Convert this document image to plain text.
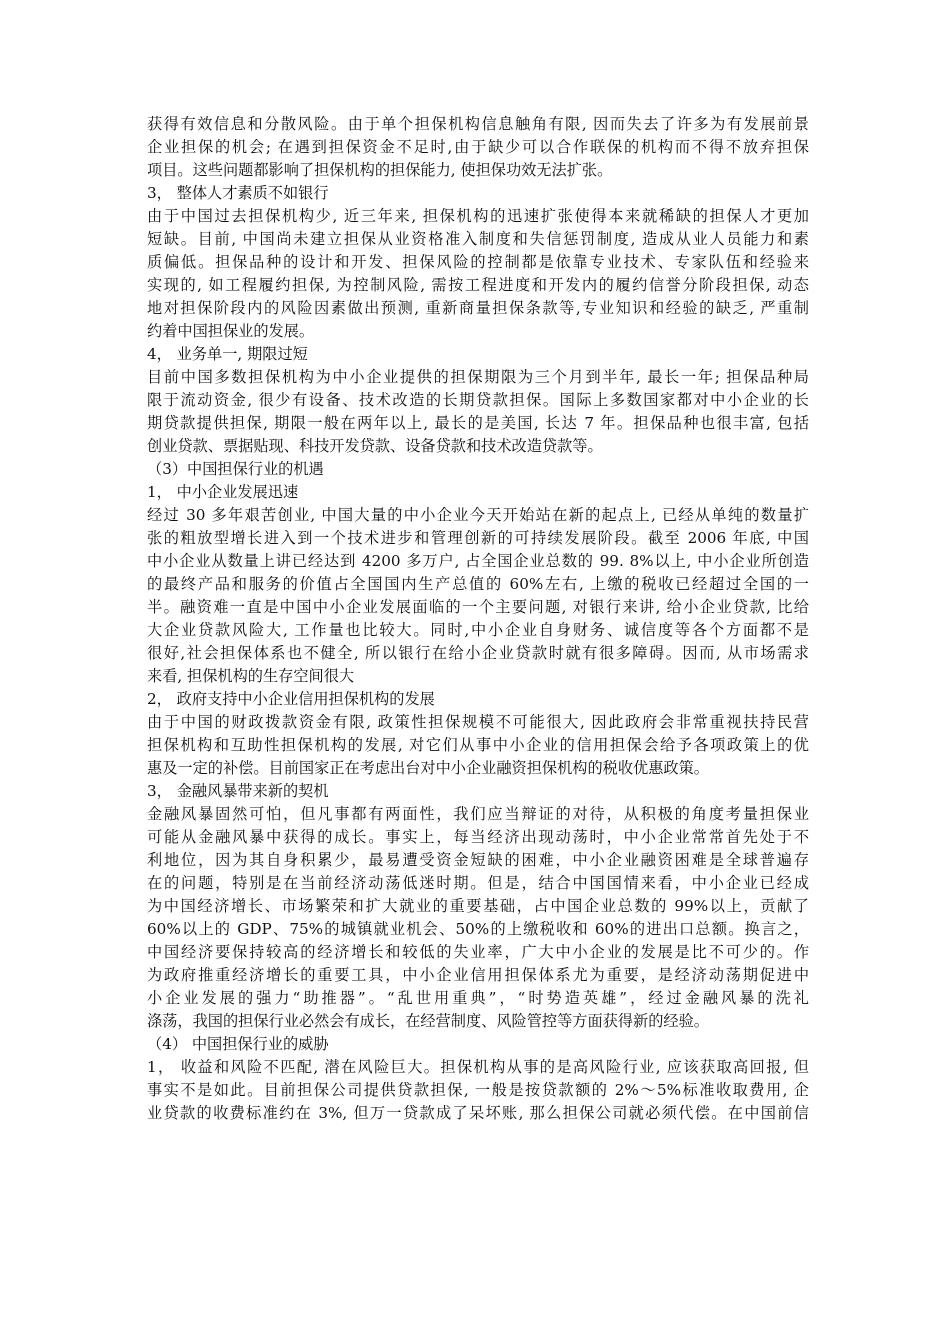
获得有效信息和分散风险。由于单个担保机构信息触角有限, 因而失去了许多为有发展前景
企业担保的机会; 在遇到担保资金不足时,由于缺少可以合作联保的机构而不得不放弃担保
项目。这些问题都影响了担保机构的担保能力, 使担保功效无法扩张。
3， 整体人才素质不如银行
由于中国过去担保机构少, 近三年来, 担保机构的迅速扩张使得本来就稀缺的担保人才更加
短缺。目前, 中国尚未建立担保从业资格准入制度和失信惩罚制度, 造成从业人员能力和素
质偏低。担保品种的设计和开发、担保风险的控制都是依靠专业技术、专家队伍和经验来
实现的, 如工程履约担保, 为控制风险, 需按工程进度和开发内的履约信誉分阶段担保, 动态
地对担保阶段内的风险因素做出预测, 重新商量担保条款等,专业知识和经验的缺乏, 严重制
约着中国担保业的发展。
4， 业务单一, 期限过短
目前中国多数担保机构为中小企业提供的担保期限为三个月到半年, 最长一年; 担保品种局
限于流动资金, 很少有设备、技术改造的长期贷款担保。国际上多数国家都对中小企业的长
期贷款提供担保, 期限一般在两年以上, 最长的是美国, 长达 7 年。担保品种也很丰富, 包括
创业贷款、票据贴现、科技开发贷款、设备贷款和技术改造贷款等。
（3）中国担保行业的机遇
1， 中小企业发展迅速
经过 30 多年艰苦创业, 中国大量的中小企业今天开始站在新的起点上, 已经从单纯的数量扩
张的粗放型增长进入到一个技术进步和管理创新的可持续发展阶段。截至 2006 年底, 中国
中小企业从数量上讲已经达到 4200 多万户, 占全国企业总数的 99. 8%以上, 中小企业所创造
的最终产品和服务的价值占全国国内生产总值的 60%左右, 上缴的税收已经超过全国的一
半。融资难一直是中国中小企业发展面临的一个主要问题, 对银行来讲, 给小企业贷款, 比给
大企业贷款风险大, 工作量也比较大。同时,中小企业自身财务、诚信度等各个方面都不是
很好,社会担保体系也不健全, 所以银行在给小企业贷款时就有很多障碍。因而, 从市场需求
来看, 担保机构的生存空间很大
2， 政府支持中小企业信用担保机构的发展
由于中国的财政拨款资金有限, 政策性担保规模不可能很大, 因此政府会非常重视扶持民营
担保机构和互助性担保机构的发展, 对它们从事中小企业的信用担保会给予各项政策上的优
惠及一定的补偿。目前国家正在考虑出台对中小企业融资担保机构的税收优惠政策。
3， 金融风暴带来新的契机
金融风暴固然可怕，但凡事都有两面性，我们应当辩证的对待，从积极的角度考量担保业
可能从金融风暴中获得的成长。事实上，每当经济出现动荡时，中小企业常常首先处于不
利地位，因为其自身积累少，最易遭受资金短缺的困难，中小企业融资困难是全球普遍存
在的问题，特别是在当前经济动荡低迷时期。但是，结合中国国情来看，中小企业已经成
为中国经济增长、市场繁荣和扩大就业的重要基础，占中国企业总数的 99%以上，贡献了
60%以上的 GDP、75%的城镇就业机会、50%的上缴税收和 60%的进出口总额。换言之，
中国经济要保持较高的经济增长和较低的失业率，广大中小企业的发展是比不可少的。作
为政府推重经济增长的重要工具，中小企业信用担保体系尤为重要，是经济动荡期促进中
小企业发展的强力“助推器”。“乱世用重典”，“时势造英雄”，经过金融风暴的洗礼
涤荡，我国的担保行业必然会有成长，在经营制度、风险管控等方面获得新的经验。
（4） 中国担保行业的威胁
1， 收益和风险不匹配, 潜在风险巨大。担保机构从事的是高风险行业, 应该获取高回报, 但
事实不是如此。目前担保公司提供贷款担保, 一般是按贷款额的 2%～5%标准收取费用, 企
业贷款的收费标准约在 3%, 但万一贷款成了呆坏账, 那么担保公司就必须代偿。在中国前信
